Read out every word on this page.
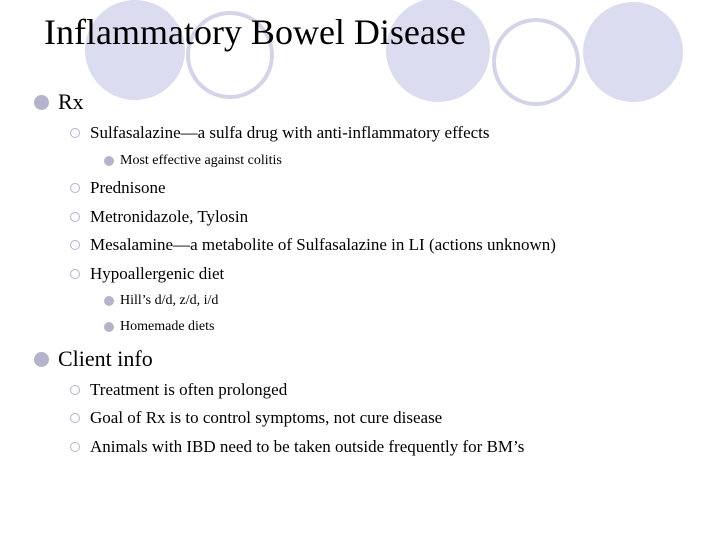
Inflammatory Bowel Disease
Rx
Sulfasalazine—a sulfa drug with anti-inflammatory effects
Most effective against colitis
Prednisone
Metronidazole, Tylosin
Mesalamine—a metabolite of Sulfasalazine in LI (actions unknown)
Hypoallergenic diet
Hill’s d/d, z/d, i/d
Homemade diets
Client info
Treatment is often prolonged
Goal of Rx is to control symptoms, not cure disease
Animals with IBD need to be taken outside frequently for BM’s
